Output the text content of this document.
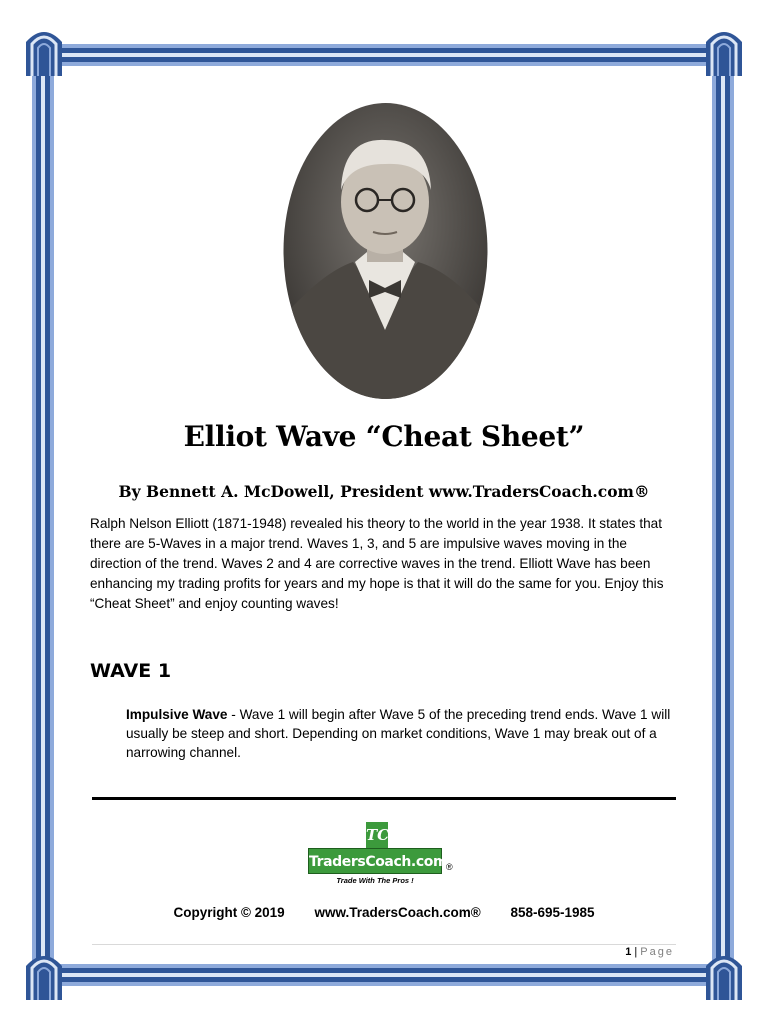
Elliot Wave “Cheat Sheet”
By Bennett A. McDowell, President www.TradersCoach.com®
Ralph Nelson Elliott (1871-1948) revealed his theory to the world in the year 1938. It states that there are 5-Waves in a major trend. Waves 1, 3, and 5 are impulsive waves moving in the direction of the trend. Waves 2 and 4 are corrective waves in the trend. Elliott Wave has been enhancing my trading profits for years and my hope is that it will do the same for you. Enjoy this “Cheat Sheet” and enjoy counting waves!
WAVE 1
Impulsive Wave - Wave 1 will begin after Wave 5 of the preceding trend ends. Wave 1 will usually be steep and short. Depending on market conditions, Wave 1 may break out of a narrowing channel.
TC
TradersCoach.com
®
Trade With The Pros !
Copyright © 2019 www.TradersCoach.com® 858-695-1985
1 | Page
